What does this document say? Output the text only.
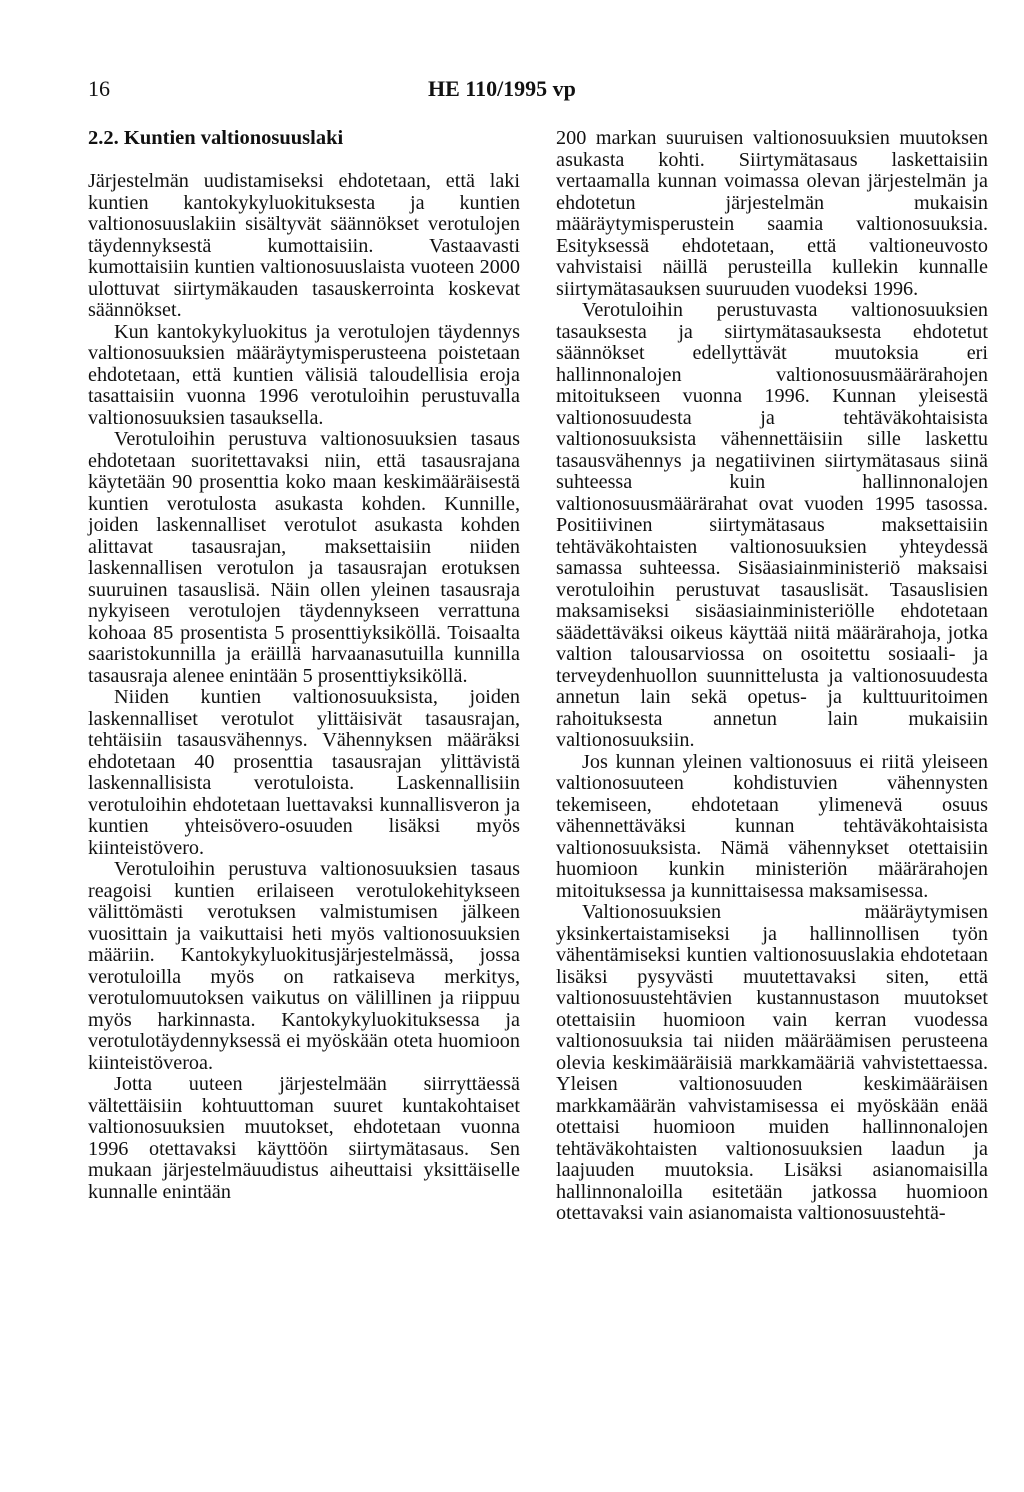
16	HE 110/1995 vp

2.2. Kuntien valtionosuuslaki

Järjestelmän uudistamiseksi ehdotetaan, että laki kuntien kantokykyluokituksesta ja kuntien valtionosuuslakiin sisältyvät säännökset verotulojen täydennyksestä kumottaisiin. Vastaavasti kumottaisiin kuntien valtionosuuslaista vuoteen 2000 ulottuvat siirtymäkauden tasauskerrointa koskevat säännökset.

Kun kantokykyluokitus ja verotulojen täydennys valtionosuuksien määräytymisperusteena poistetaan ehdotetaan, että kuntien välisiä taloudellisia eroja tasattaisiin vuonna 1996 verotuloihin perustuvalla valtionosuuksien tasauksella.

Verotuloihin perustuva valtionosuuksien tasaus ehdotetaan suoritettavaksi niin, että tasausrajana käytetään 90 prosenttia koko maan keskimääräisestä kuntien verotulosta asukasta kohden. Kunnille, joiden laskennalliset verotulot asukasta kohden alittavat tasausrajan, maksettaisiin niiden laskennallisen verotulon ja tasausrajan erotuksen suuruinen tasauslisä. Näin ollen yleinen tasausraja nykyiseen verotulojen täydennykseen verrattuna kohoaa 85 prosentista 5 prosenttiyksiköllä. Toisaalta saaristokunnilla ja eräillä harvaanasutuilla kunnilla tasausraja alenee enintään 5 prosenttiyksiköllä.

Niiden kuntien valtionosuuksista, joiden laskennalliset verotulot ylittäisivät tasausrajan, tehtäisiin tasausvähennys. Vähennyksen määräksi ehdotetaan 40 prosenttia tasausrajan ylittävistä laskennallisista verotuloista. Laskennallisiin verotuloihin ehdotetaan luettavaksi kunnallisveron ja kuntien yhteisövero-osuuden lisäksi myös kiinteistövero.

Verotuloihin perustuva valtionosuuksien tasaus reagoisi kuntien erilaiseen verotulokehitykseen välittömästi verotuksen valmistumisen jälkeen vuosittain ja vaikuttaisi heti myös valtionosuuksien määriin. Kantokykyluokitusjärjestelmässä, jossa verotuloilla myös on ratkaiseva merkitys, verotulomuutoksen vaikutus on välillinen ja riippuu myös harkinnasta. Kantokykyluokituksessa ja verotulotäydennyksessä ei myöskään oteta huomioon kiinteistöveroa.

Jotta uuteen järjestelmään siirryttäessä vältettäisiin kohtuuttoman suuret kuntakohtaiset valtionosuuksien muutokset, ehdotetaan vuonna 1996 otettavaksi käyttöön siirtymätasaus. Sen mukaan järjestelmäuudistus aiheuttaisi yksittäiselle kunnalle enintään

200 markan suuruisen valtionosuuksien muutoksen asukasta kohti. Siirtymätasaus laskettaisiin vertaamalla kunnan voimassa olevan järjestelmän ja ehdotetun järjestelmän mukaisin määräytymisperustein saamia valtionosuuksia. Esityksessä ehdotetaan, että valtioneuvosto vahvistaisi näillä perusteilla kullekin kunnalle siirtymätasauksen suuruuden vuodeksi 1996.

Verotuloihin perustuvasta valtionosuuksien tasauksesta ja siirtymätasauksesta ehdotetut säännökset edellyttävät muutoksia eri hallinnonalojen valtionosuusmäärärahojen mitoitukseen vuonna 1996. Kunnan yleisestä valtionosuudesta ja tehtäväkohtaisista valtionosuuksista vähennettäisiin sille laskettu tasausvähennys ja negatiivinen siirtymätasaus siinä suhteessa kuin hallinnonalojen valtionosuusmäärärahat ovat vuoden 1995 tasossa. Positiivinen siirtymätasaus maksettaisiin tehtäväkohtaisten valtionosuuksien yhteydessä samassa suhteessa. Sisäasiainministeriö maksaisi verotuloihin perustuvat tasauslisät. Tasauslisien maksamiseksi sisäasiainministeriölle ehdotetaan säädettäväksi oikeus käyttää niitä määrärahoja, jotka valtion talousarviossa on osoitettu sosiaali- ja terveydenhuollon suunnittelusta ja valtionosuudesta annetun lain sekä opetus- ja kulttuuritoimen rahoituksesta annetun lain mukaisiin valtionosuuksiin.

Jos kunnan yleinen valtionosuus ei riitä yleiseen valtionosuuteen kohdistuvien vähennysten tekemiseen, ehdotetaan ylimenevä osuus vähennettäväksi kunnan tehtäväkohtaisista valtionosuuksista. Nämä vähennykset otettaisiin huomioon kunkin ministeriön määrärahojen mitoituksessa ja kunnittaisessa maksamisessa.

Valtionosuuksien määräytymisen yksinkertaistamiseksi ja hallinnollisen työn vähentämiseksi kuntien valtionosuuslakia ehdotetaan lisäksi pysyvästi muutettavaksi siten, että valtionosuustehtävien kustannustason muutokset otettaisiin huomioon vain kerran vuodessa valtionosuuksia tai niiden määräämisen perusteena olevia keskimääräisiä markkamääriä vahvistettaessa. Yleisen valtionosuuden keskimääräisen markkamäärän vahvistamisessa ei myöskään enää otettaisi huomioon muiden hallinnonalojen tehtäväkohtaisten valtionosuuksien laadun ja laajuuden muutoksia. Lisäksi asianomaisilla hallinnonaloilla esitetään jatkossa huomioon otettavaksi vain asianomaista valtionosuustehtä-
